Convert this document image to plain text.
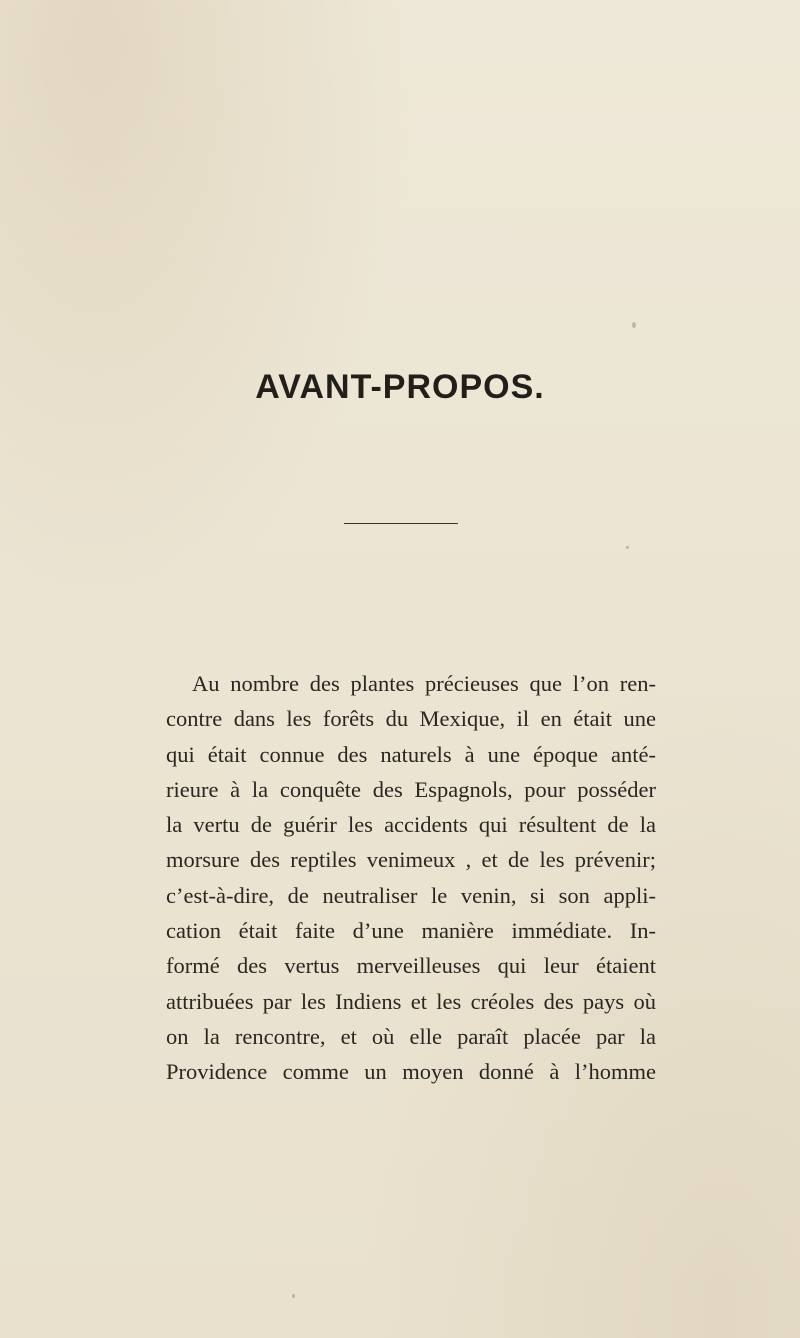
AVANT-PROPOS.
Au nombre des plantes précieuses que l’on ren-
contre dans les forêts du Mexique, il en était une
qui était connue des naturels à une époque anté-
rieure à la conquête des Espagnols, pour posséder
la vertu de guérir les accidents qui résultent de la
morsure des reptiles venimeux , et de les prévenir;
c’est-à-dire, de neutraliser le venin, si son appli-
cation était faite d’une manière immédiate. In-
formé des vertus merveilleuses qui leur étaient
attribuées par les Indiens et les créoles des pays où
on la rencontre, et où elle paraît placée par la
Providence comme un moyen donné à l’homme
